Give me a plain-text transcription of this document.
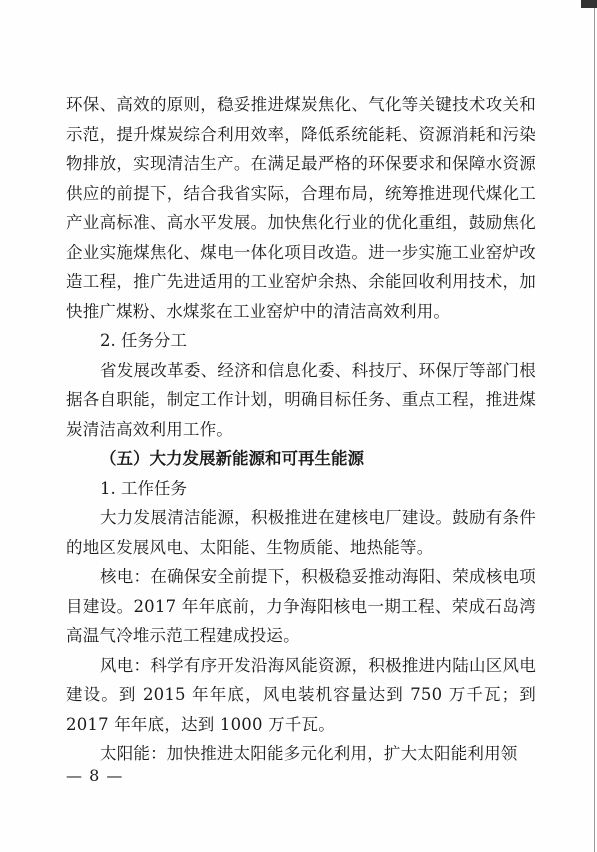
环保、高效的原则，稳妥推进煤炭焦化、气化等关键技术攻关和示范，提升煤炭综合利用效率，降低系统能耗、资源消耗和污染物排放，实现清洁生产。在满足最严格的环保要求和保障水资源供应的前提下，结合我省实际，合理布局，统筹推进现代煤化工产业高标准、高水平发展。加快焦化行业的优化重组，鼓励焦化企业实施煤焦化、煤电一体化项目改造。进一步实施工业窑炉改造工程，推广先进适用的工业窑炉余热、余能回收利用技术，加快推广煤粉、水煤浆在工业窑炉中的清洁高效利用。

2. 任务分工

省发展改革委、经济和信息化委、科技厅、环保厅等部门根据各自职能，制定工作计划，明确目标任务、重点工程，推进煤炭清洁高效利用工作。

（五）大力发展新能源和可再生能源

1. 工作任务

大力发展清洁能源，积极推进在建核电厂建设。鼓励有条件的地区发展风电、太阳能、生物质能、地热能等。

核电：在确保安全前提下，积极稳妥推动海阳、荣成核电项目建设。2017 年年底前，力争海阳核电一期工程、荣成石岛湾高温气冷堆示范工程建成投运。

风电：科学有序开发沿海风能资源，积极推进内陆山区风电建设。到 2015 年年底，风电装机容量达到 750 万千瓦；到 2017 年年底，达到 1000 万千瓦。

太阳能：加快推进太阳能多元化利用，扩大太阳能利用领

— 8 —
